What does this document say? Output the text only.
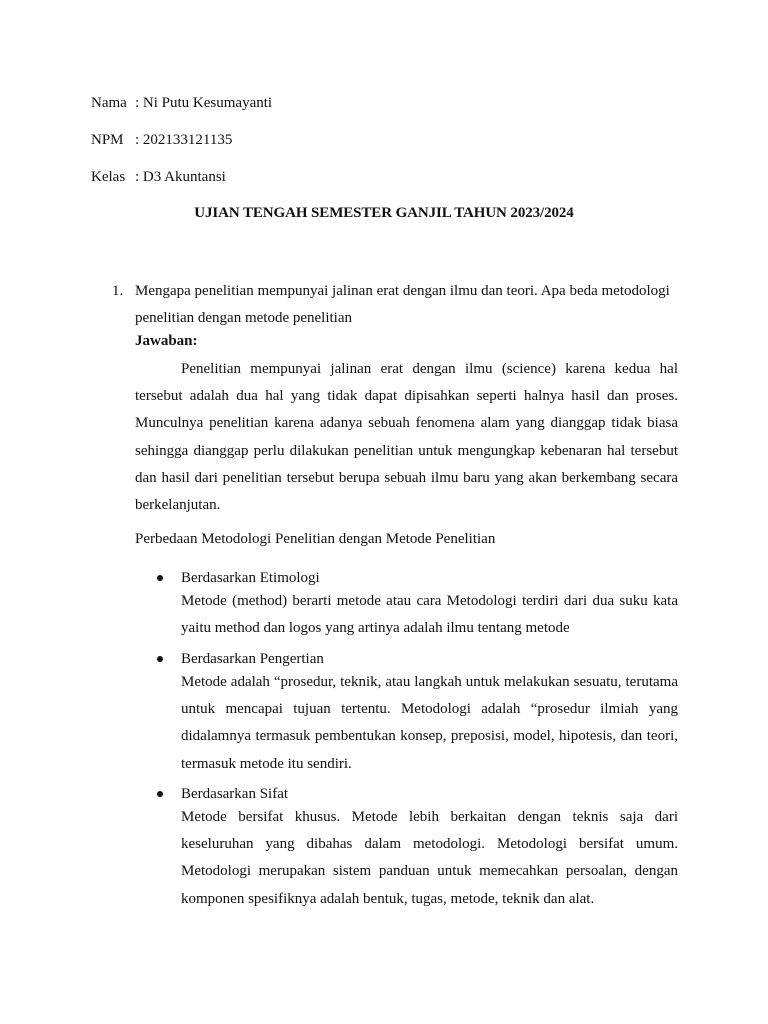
Nama : Ni Putu Kesumayanti
NPM : 202133121135
Kelas : D3 Akuntansi
UJIAN TENGAH SEMESTER GANJIL TAHUN 2023/2024
1. Mengapa penelitian mempunyai jalinan erat dengan ilmu dan teori. Apa beda metodologi penelitian dengan metode penelitian
Jawaban:

Penelitian mempunyai jalinan erat dengan ilmu (science) karena kedua hal tersebut adalah dua hal yang tidak dapat dipisahkan seperti halnya hasil dan proses. Munculnya penelitian karena adanya sebuah fenomena alam yang dianggap tidak biasa sehingga dianggap perlu dilakukan penelitian untuk mengungkap kebenaran hal tersebut dan hasil dari penelitian tersebut berupa sebuah ilmu baru yang akan berkembang secara berkelanjutan.

Perbedaan Metodologi Penelitian dengan Metode Penelitian
Berdasarkan Etimologi

Metode (method) berarti metode atau cara Metodologi terdiri dari dua suku kata yaitu method dan logos yang artinya adalah ilmu tentang metode

Berdasarkan Pengertian

Metode adalah “prosedur, teknik, atau langkah untuk melakukan sesuatu, terutama untuk mencapai tujuan tertentu. Metodologi adalah “prosedur ilmiah yang didalamnya termasuk pembentukan konsep, preposisi, model, hipotesis, dan teori, termasuk metode itu sendiri.

Berdasarkan Sifat

Metode bersifat khusus. Metode lebih berkaitan dengan teknis saja dari keseluruhan yang dibahas dalam metodologi. Metodologi bersifat umum. Metodologi merupakan sistem panduan untuk memecahkan persoalan, dengan komponen spesifiknya adalah bentuk, tugas, metode, teknik dan alat.
